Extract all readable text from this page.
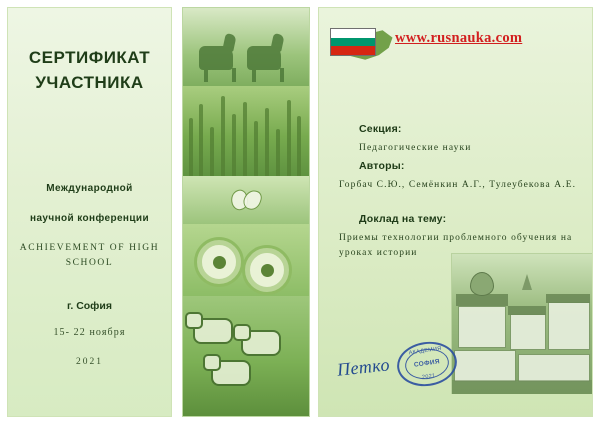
СЕРТИФИКАТ
УЧАСТНИКА
Международной
научной конференции
ACHIEVEMENT OF HIGH SCHOOL
г. София
15- 22 ноября
2021
www.rusnauka.com
Секция:
Педагогические науки
Авторы:
Горбач С.Ю., Семёнкин А.Г., Тулеубекова А.Е.
Доклад на тему:
Приемы технологии проблемного обучения на уроках истории
Петко
АКАДЕМИЯ
СОФИЯ
2021
